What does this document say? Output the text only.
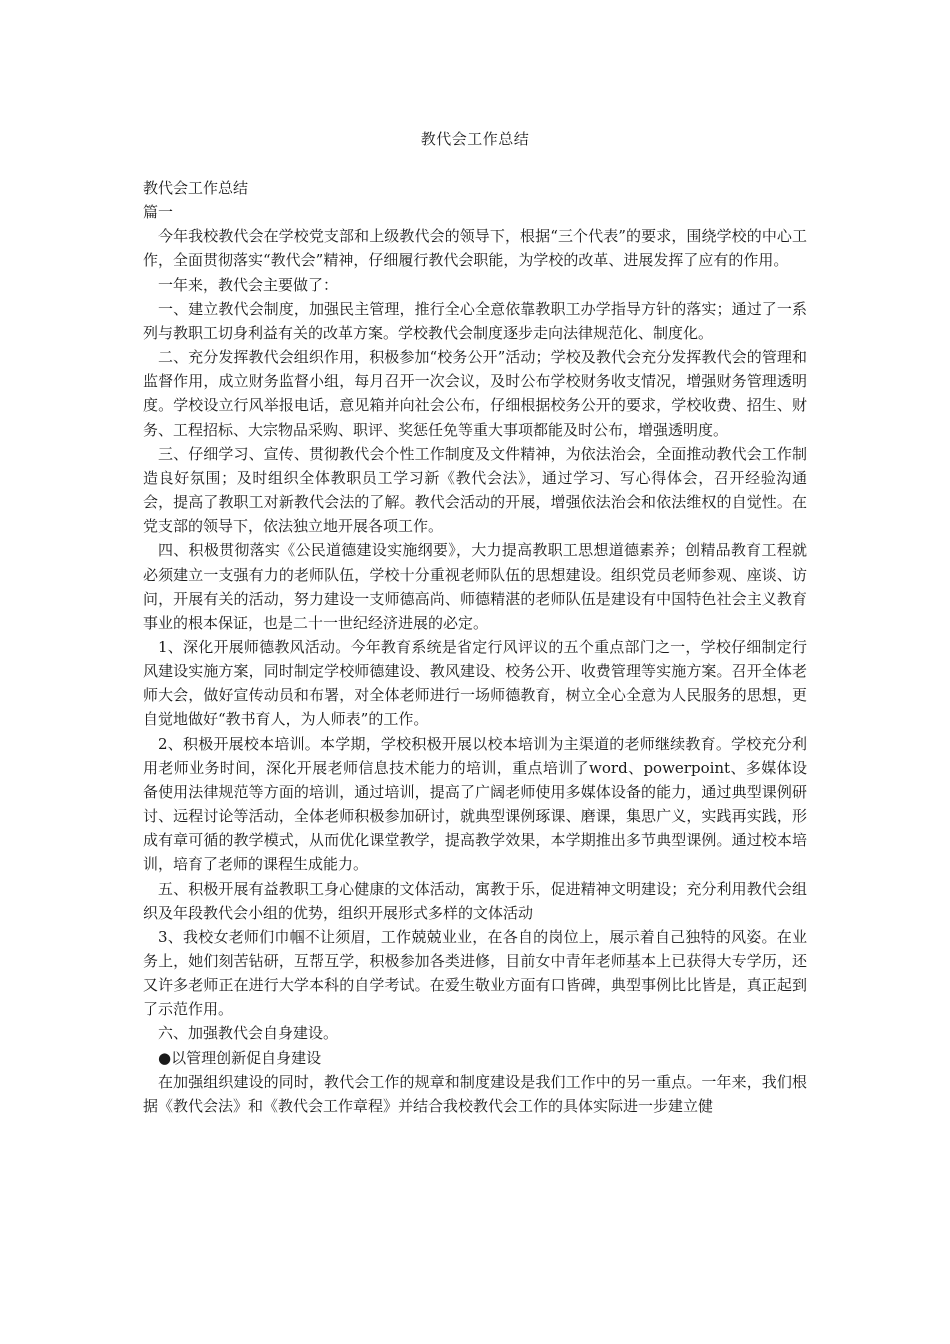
教代会工作总结

教代会工作总结

篇一

今年我校教代会在学校党支部和上级教代会的领导下，根据“三个代表”的要求，围绕学校的中心工作，全面贯彻落实“教代会”精神，仔细履行教代会职能，为学校的改革、进展发挥了应有的作用。

一年来，教代会主要做了：

一、建立教代会制度，加强民主管理，推行全心全意依靠教职工办学指导方针的落实；通过了一系列与教职工切身利益有关的改革方案。学校教代会制度逐步走向法律规范化、制度化。

二、充分发挥教代会组织作用，积极参加“校务公开”活动；学校及教代会充分发挥教代会的管理和监督作用，成立财务监督小组，每月召开一次会议，及时公布学校财务收支情况，增强财务管理透明度。学校设立行风举报电话，意见箱并向社会公布，仔细根据校务公开的要求，学校收费、招生、财务、工程招标、大宗物品采购、职评、奖惩任免等重大事项都能及时公布，增强透明度。

三、仔细学习、宣传、贯彻教代会个性工作制度及文件精神，为依法治会，全面推动教代会工作制造良好氛围；及时组织全体教职员工学习新《教代会法》，通过学习、写心得体会，召开经验沟通会，提高了教职工对新教代会法的了解。教代会活动的开展，增强依法治会和依法维权的自觉性。在党支部的领导下，依法独立地开展各项工作。

四、积极贯彻落实《公民道德建设实施纲要》，大力提高教职工思想道德素养；创精品教育工程就必须建立一支强有力的老师队伍，学校十分重视老师队伍的思想建设。组织党员老师参观、座谈、访问，开展有关的活动，努力建设一支师德高尚、师德精湛的老师队伍是建设有中国特色社会主义教育事业的根本保证，也是二十一世纪经济进展的必定。

1、深化开展师德教风活动。今年教育系统是省定行风评议的五个重点部门之一，学校仔细制定行风建设实施方案，同时制定学校师德建设、教风建设、校务公开、收费管理等实施方案。召开全体老师大会，做好宣传动员和布署，对全体老师进行一场师德教育，树立全心全意为人民服务的思想，更自觉地做好“教书育人，为人师表”的工作。

2、积极开展校本培训。本学期，学校积极开展以校本培训为主渠道的老师继续教育。学校充分利用老师业务时间，深化开展老师信息技术能力的培训，重点培训了word、powerpoint、多媒体设备使用法律规范等方面的培训，通过培训，提高了广阔老师使用多媒体设备的能力，通过典型课例研讨、远程讨论等活动，全体老师积极参加研讨，就典型课例琢课、磨课，集思广义，实践再实践，形成有章可循的教学模式，从而优化课堂教学，提高教学效果，本学期推出多节典型课例。通过校本培训，培育了老师的课程生成能力。

五、积极开展有益教职工身心健康的文体活动，寓教于乐，促进精神文明建设；充分利用教代会组织及年段教代会小组的优势，组织开展形式多样的文体活动

3、我校女老师们巾帼不让须眉，工作兢兢业业，在各自的岗位上，展示着自己独特的风姿。在业务上，她们刻苦钻研，互帮互学，积极参加各类进修，目前女中青年老师基本上已获得大专学历，还又许多老师正在进行大学本科的自学考试。在爱生敬业方面有口皆碑，典型事例比比皆是，真正起到了示范作用。

六、加强教代会自身建设。

●以管理创新促自身建设

在加强组织建设的同时，教代会工作的规章和制度建设是我们工作中的另一重点。一年来，我们根据《教代会法》和《教代会工作章程》并结合我校教代会工作的具体实际进一步建立健
